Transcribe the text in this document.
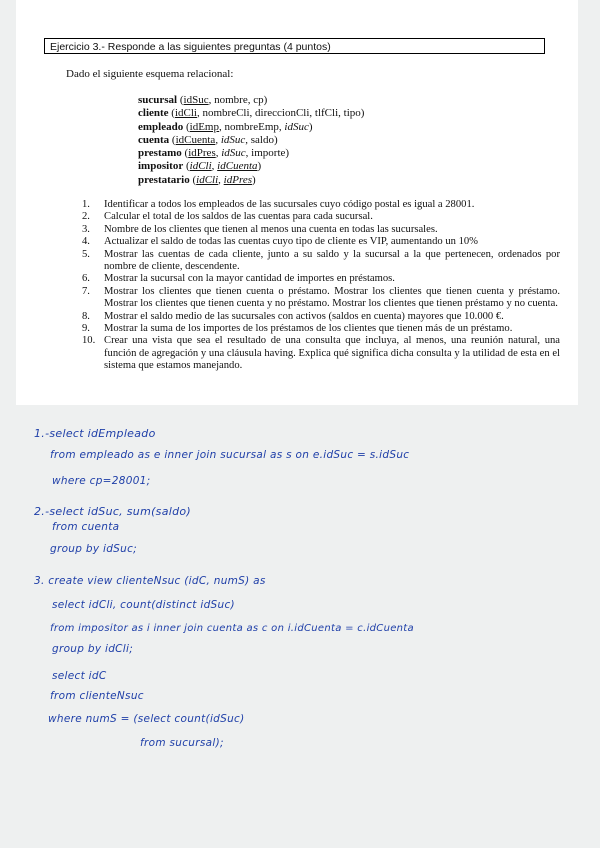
Ejercicio 3.- Responde a las siguientes preguntas (4 puntos)
Dado el siguiente esquema relacional:
sucursal (idSuc, nombre, cp)
cliente (idCli, nombreCli, direccionCli, tlfCli, tipo)
empleado (idEmp, nombreEmp, idSuc)
cuenta (idCuenta, idSuc, saldo)
prestamo (idPres, idSuc, importe)
impositor (idCli, idCuenta)
prestatario (idCli, idPres)
1.	Identificar a todos los empleados de las sucursales cuyo código postal es igual a 28001.
2.	Calcular el total de los saldos de las cuentas para cada sucursal.
3.	Nombre de los clientes que tienen al menos una cuenta en todas las sucursales.
4.	Actualizar el saldo de todas las cuentas cuyo tipo de cliente es VIP, aumentando un 10%
5.	Mostrar las cuentas de cada cliente, junto a su saldo y la sucursal a la que pertenecen, ordenados por nombre de cliente, descendente.
6.	Mostrar la sucursal con la mayor cantidad de importes en préstamos.
7.	Mostrar los clientes que tienen cuenta o préstamo. Mostrar los clientes que tienen cuenta y préstamo. Mostrar los clientes que tienen cuenta y no préstamo. Mostrar los clientes que tienen préstamo y no cuenta.
8.	Mostrar el saldo medio de las sucursales con activos (saldos en cuenta) mayores que 10.000 €.
9.	Mostrar la suma de los importes de los préstamos de los clientes que tienen más de un préstamo.
10. Crear una vista que sea el resultado de una consulta que incluya, al menos, una reunión natural, una función de agregación y una cláusula having. Explica qué significa dicha consulta y la utilidad de esta en el sistema que estamos manejando.
1.-select idEmpleado
from empleado as e inner join sucursal as s on e.idSuc = s.idSuc
where cp=28001;
2.-select idSuc, sum(saldo)
from cuenta
group by idSuc;
3. create view clienteNsuc (idC, numS) as
select idCli, count(distinct idSuc)
from impositor as i inner join cuenta as c on i.idCuenta = c.idCuenta
group by idCli;
select idC
from clienteNsuc
where numS = (select count(idSuc)
from sucursal);
